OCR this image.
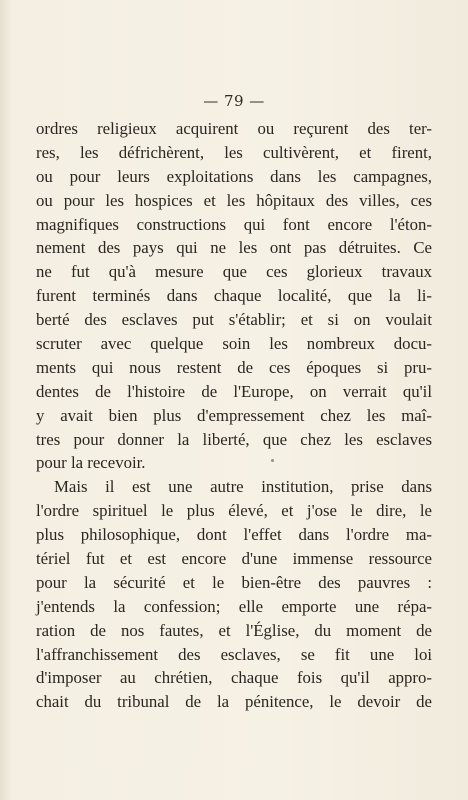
— 79 —
ordres religieux acquirent ou reçurent des ter-
res, les défrichèrent, les cultivèrent, et firent,
ou pour leurs exploitations dans les campagnes,
ou pour les hospices et les hôpitaux des villes, ces
magnifiques constructions qui font encore l'éton-
nement des pays qui ne les ont pas détruites. Ce
ne fut qu'à mesure que ces glorieux travaux
furent terminés dans chaque localité, que la li-
berté des esclaves put s'établir; et si on voulait
scruter avec quelque soin les nombreux docu-
ments qui nous restent de ces époques si pru-
dentes de l'histoire de l'Europe, on verrait qu'il
y avait bien plus d'empressement chez les maî-
tres pour donner la liberté, que chez les esclaves
pour la recevoir.
Mais il est une autre institution, prise dans
l'ordre spirituel le plus élevé, et j'ose le dire, le
plus philosophique, dont l'effet dans l'ordre ma-
tériel fut et est encore d'une immense ressource
pour la sécurité et le bien-être des pauvres :
j'entends la confession; elle emporte une répa-
ration de nos fautes, et l'Église, du moment de
l'affranchissement des esclaves, se fit une loi
d'imposer au chrétien, chaque fois qu'il appro-
chait du tribunal de la pénitence, le devoir de
